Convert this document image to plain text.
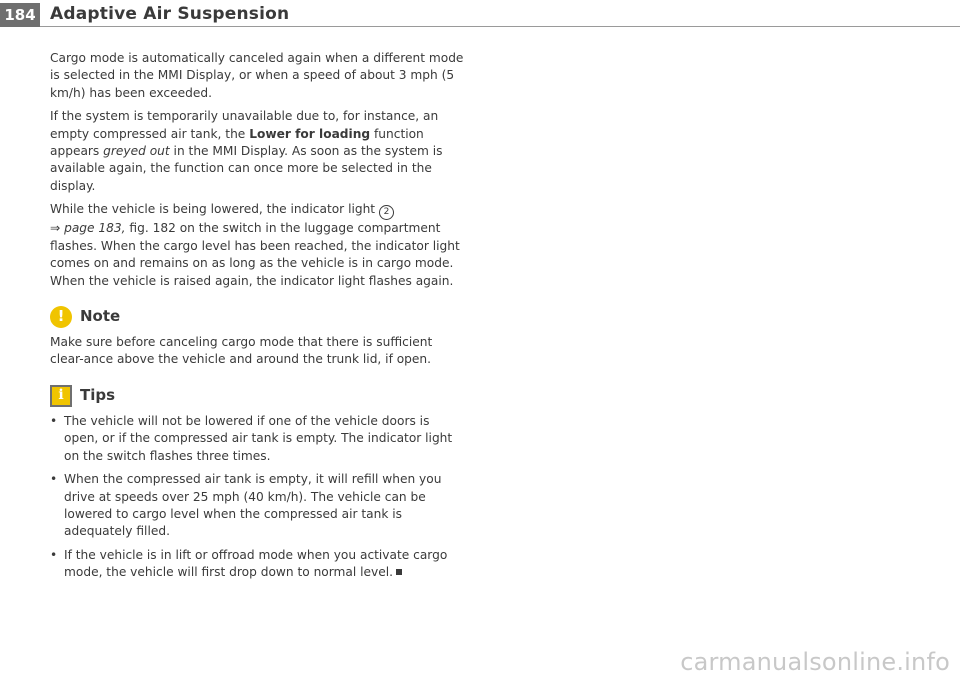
184 Adaptive Air Suspension

Cargo mode is automatically canceled again when a different mode is selected in the MMI Display, or when a speed of about 3 mph (5 km/h) has been exceeded.

If the system is temporarily unavailable due to, for instance, an empty compressed air tank, the Lower for loading function appears greyed out in the MMI Display. As soon as the system is available again, the function can once more be selected in the display.

While the vehicle is being lowered, the indicator light 2
⇒ page 183, fig. 182 on the switch in the luggage compartment flashes. When the cargo level has been reached, the indicator light comes on and remains on as long as the vehicle is in cargo mode. When the vehicle is raised again, the indicator light flashes again.

!	Note

Make sure before canceling cargo mode that there is sufficient clear-ance above the vehicle and around the trunk lid, if open.

i	Tips
• The vehicle will not be lowered if one of the vehicle doors is open, or if the compressed air tank is empty. The indicator light on the switch flashes three times.
• When the compressed air tank is empty, it will refill when you drive at speeds over 25 mph (40 km/h). The vehicle can be lowered to cargo level when the compressed air tank is adequately filled.
• If the vehicle is in lift or offroad mode when you activate cargo mode, the vehicle will first drop down to normal level.
carmanualsonline.info
